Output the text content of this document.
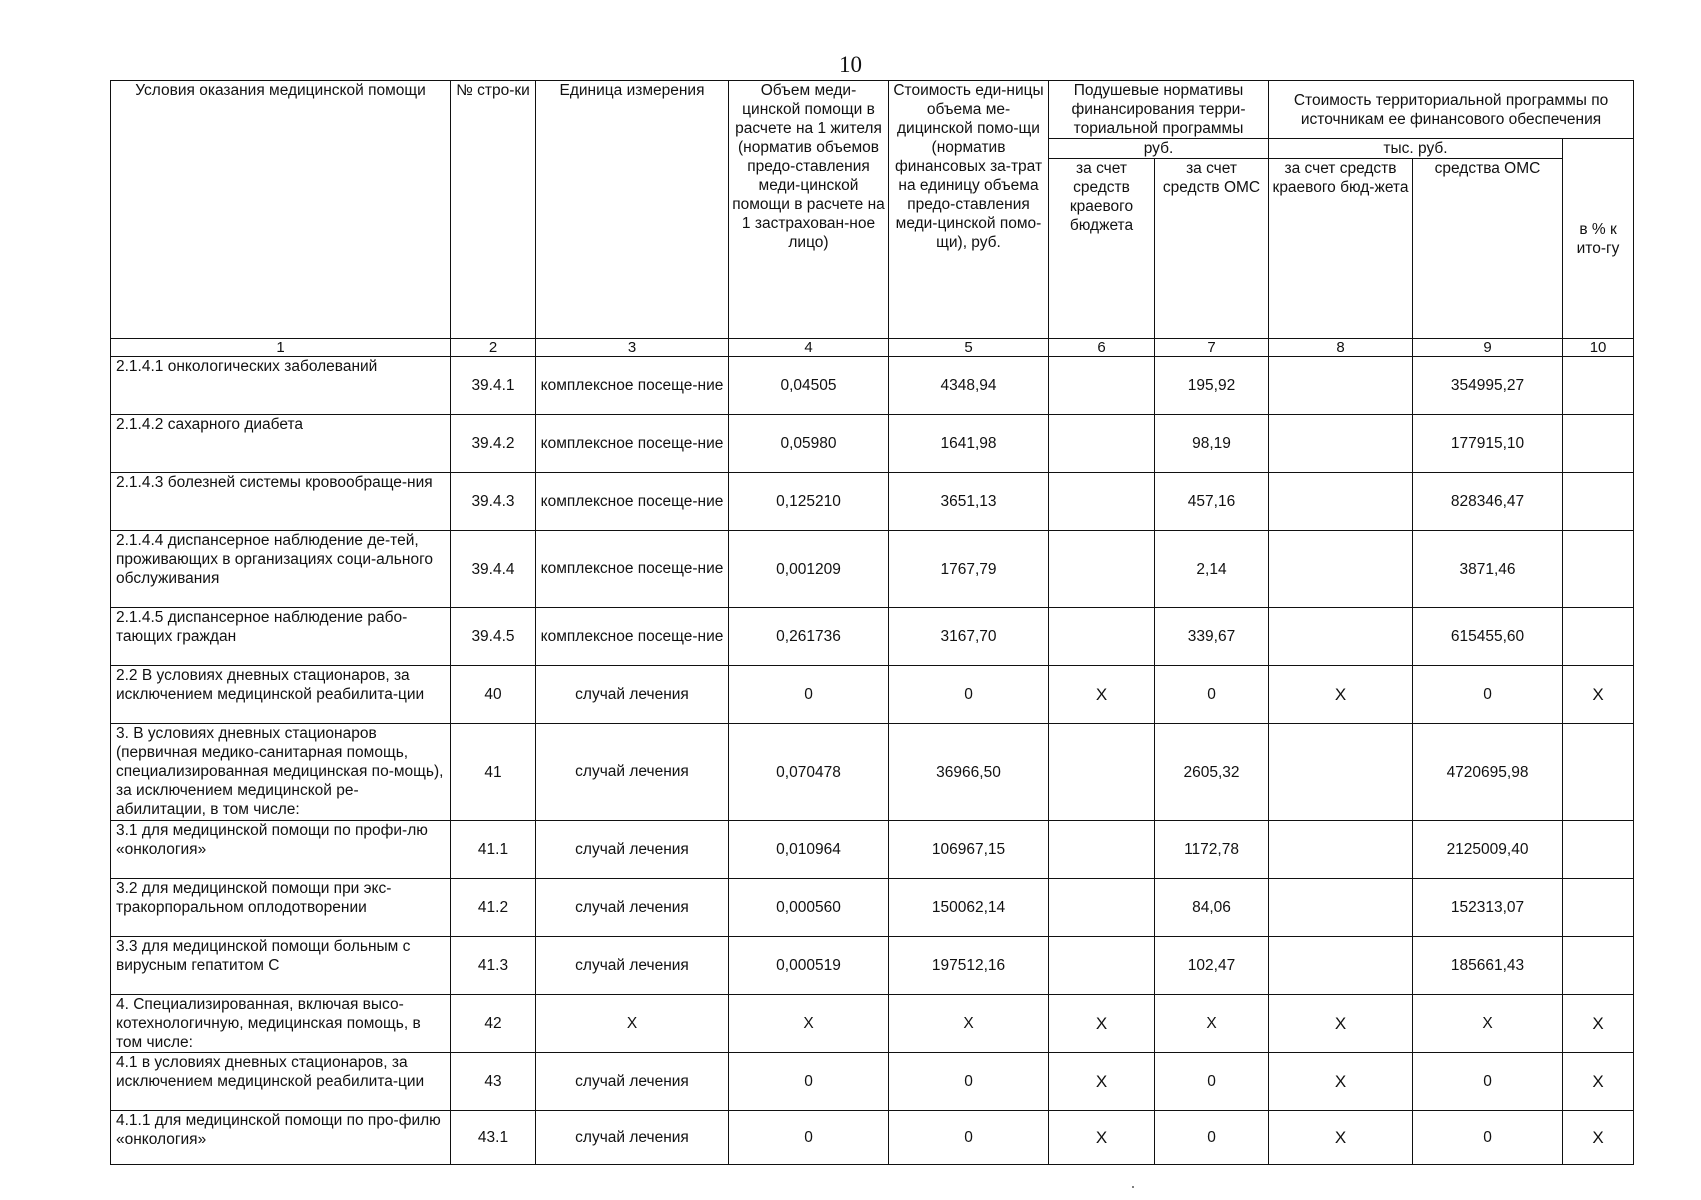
10
Условия оказания медицинской помощи	№ стро-ки	Единица измерения	Объем меди-цинской помощи в расчете на 1 жителя (норматив объемов предо-ставления меди-цинской помощи в расчете на 1 застрахован-ное лицо)	Стоимость еди-ницы объема ме-дицинской помо-щи (норматив финансовых за-трат на единицу объема предо-ставления меди-цинской помо-щи), руб.	Подушевые нормативы финансирования терри-ториальной программы		Стоимость территориальной программы по источникам ее финансового обеспечения		
					руб.		тыс. руб.		в % к ито-гу
					за счет средств краевого бюджета	за счет средств ОМС	за счет средств краевого бюд-жета	средства ОМС	
1	2	3	4	5	6	7	8	9	10
2.1.4.1 онкологических заболеваний	39.4.1	комплексное посеще-ние	0,04505	4348,94		195,92		354995,27	
2.1.4.2 сахарного диабета	39.4.2	комплексное посеще-ние	0,05980	1641,98		98,19		177915,10	
2.1.4.3 болезней системы кровообраще-ния	39.4.3	комплексное посеще-ние	0,125210	3651,13		457,16		828346,47	
2.1.4.4 диспансерное наблюдение де-тей, проживающих в организациях соци-ального обслуживания	39.4.4	комплексное посеще-ние	0,001209	1767,79		2,14		3871,46	
2.1.4.5 диспансерное наблюдение рабо-тающих граждан	39.4.5	комплексное посеще-ние	0,261736	3167,70		339,67		615455,60	
2.2 В условиях дневных стационаров, за исключением медицинской реабилита-ции	40	случай лечения	0	0	Х	0	Х	0	Х
3. В условиях дневных стационаров (первичная медико-санитарная помощь, специализированная медицинская по-мощь), за исключением медицинской ре-абилитации, в том числе:	41	случай лечения	0,070478	36966,50		2605,32		4720695,98	
3.1 для медицинской помощи по профи-лю «онкология»	41.1	случай лечения	0,010964	106967,15		1172,78		2125009,40	
3.2 для медицинской помощи при экс-тракорпоральном оплодотворении	41.2	случай лечения	0,000560	150062,14		84,06		152313,07	
3.3 для медицинской помощи больным с вирусным гепатитом С	41.3	случай лечения	0,000519	197512,16		102,47		185661,43	
4. Специализированная, включая высо-котехнологичную, медицинская помощь, в том числе:	42	Х	Х	Х	Х	Х	Х	Х	Х
4.1 в условиях дневных стационаров, за исключением медицинской реабилита-ции	43	случай лечения	0	0	Х	0	Х	0	Х
4.1.1 для медицинской помощи по про-филю «онкология»	43.1	случай лечения	0	0	Х	0	Х	0	Х
